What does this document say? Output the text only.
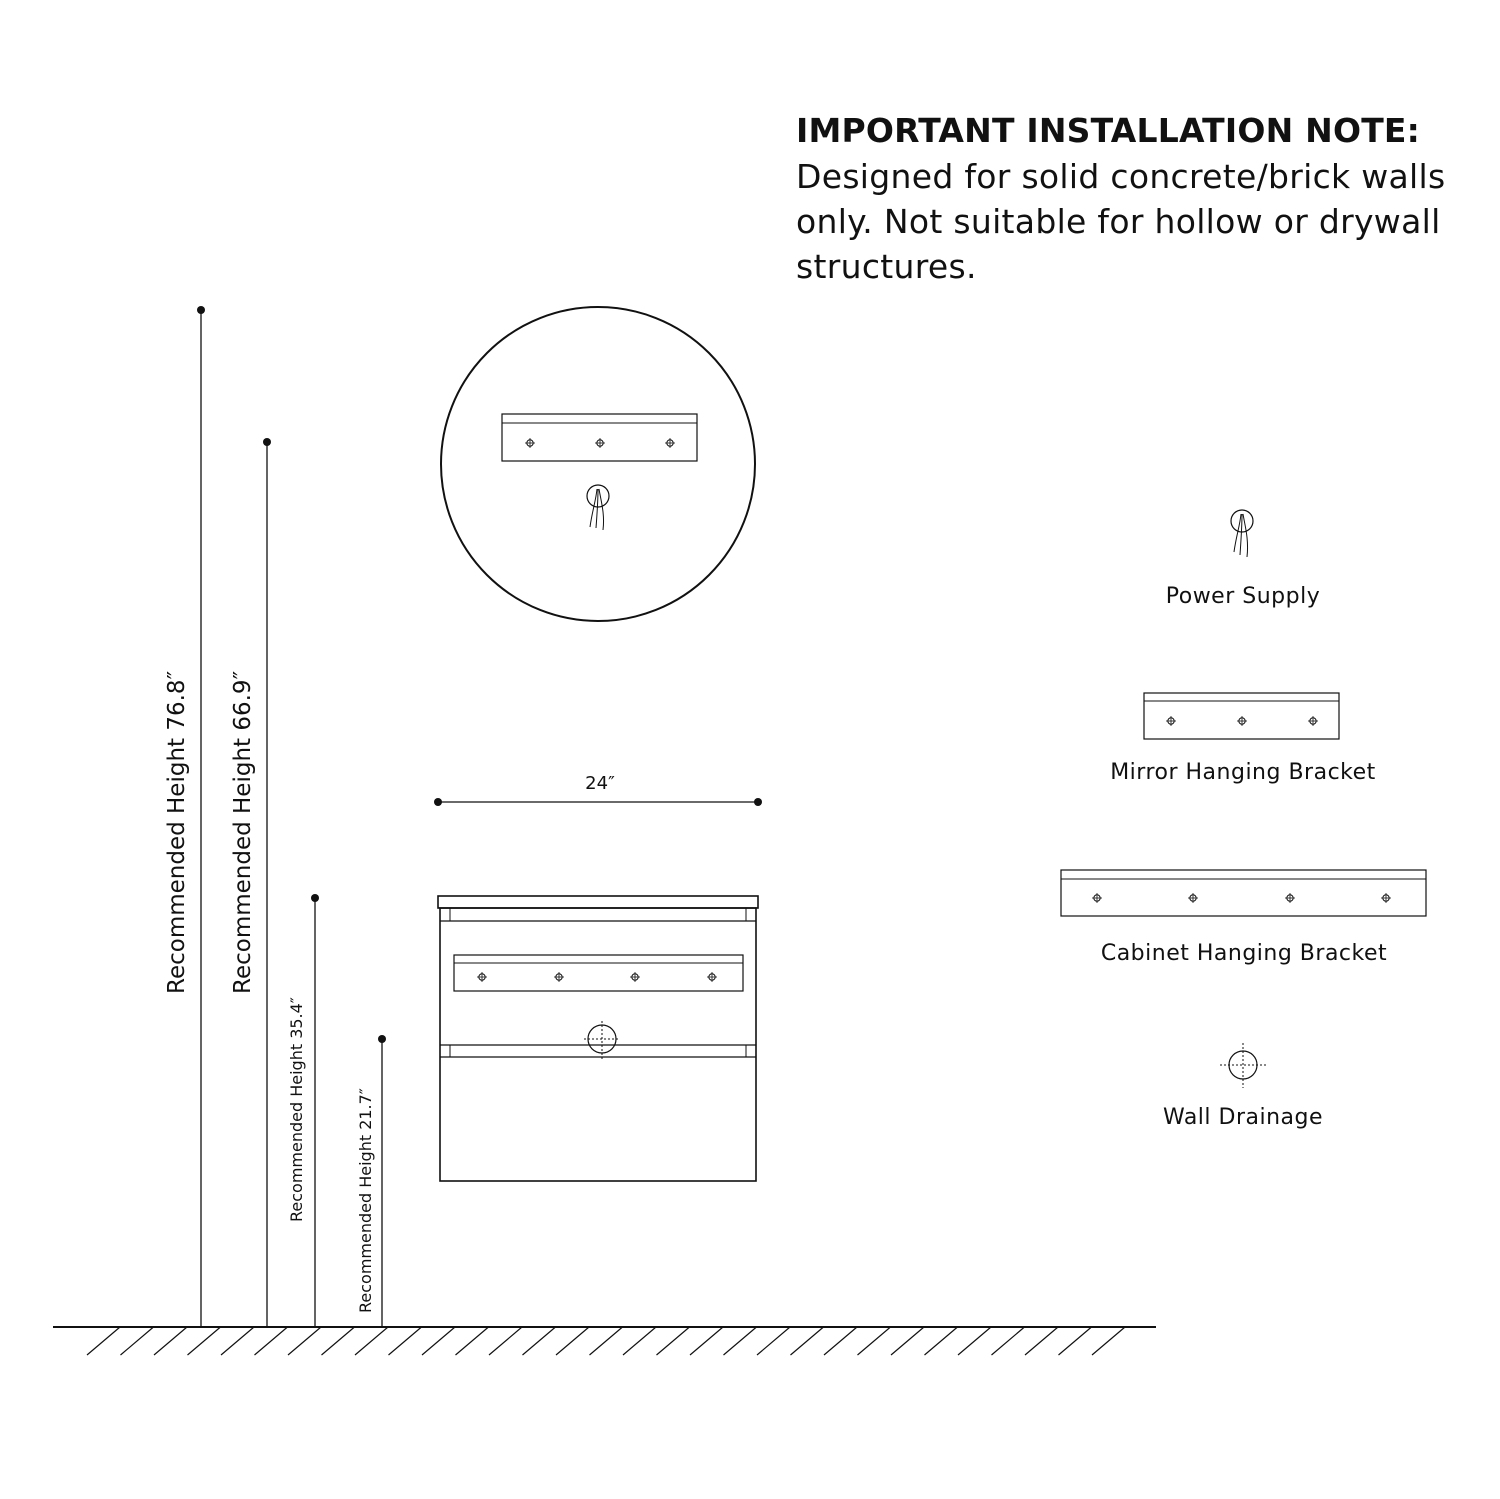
IMPORTANT INSTALLATION NOTE:
Designed for solid concrete/brick walls only. Not suitable for hollow or drywall structures.
Recommended Height 76.8″ Recommended Height 66.9″
Recommended Height 35.4″	Recommended Height 21.7″
24″
Power Supply
Mirror Hanging Bracket
Cabinet Hanging Bracket
Wall Drainage
